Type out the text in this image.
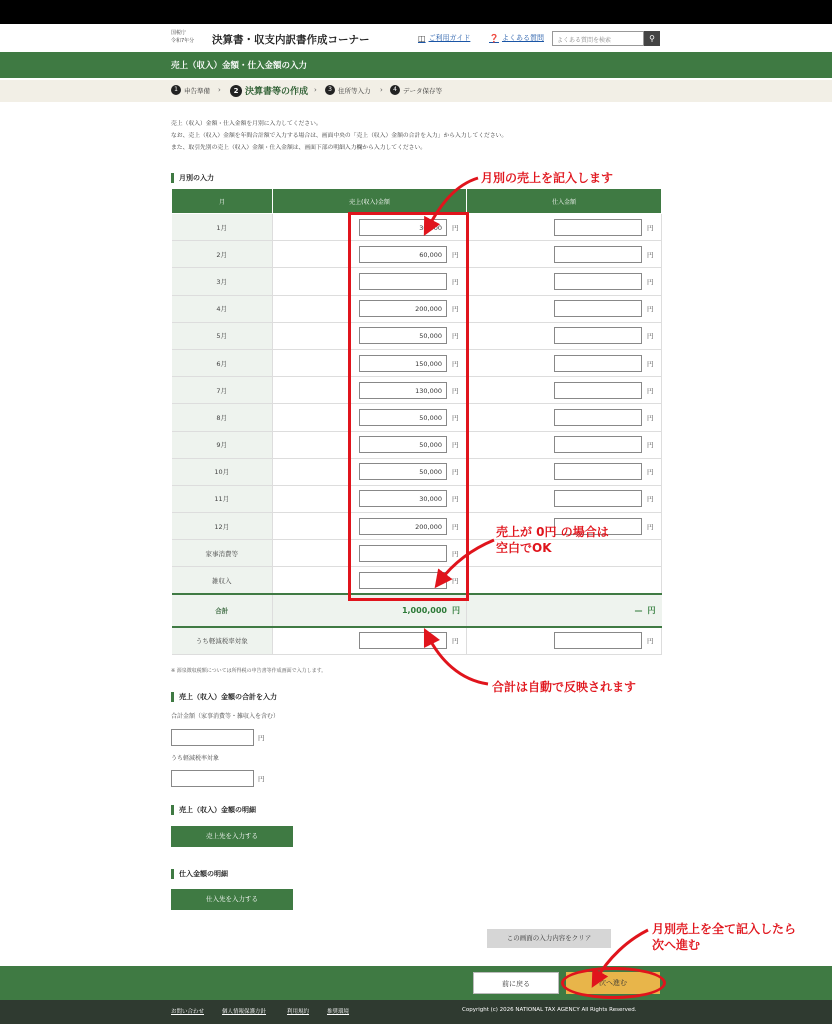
国税庁
令和7年分 決算書・収支内訳書作成コーナー	◫ ご利用ガイド ❓ よくある質問	よくある質問を検索	⚲
売上（収入）金額・仕入金額の入力
1 申告準備 ›	2 決算書等の作成 ›	3 住所等入力 ›	4 データ保存等
売上（収入）金額・仕入金額を月別に入力してください。
なお、売上（収入）金額を年間合計額で入力する場合は、画面中央の「売上（収入）金額の合計を入力」から入力してください。
また、取引先別の売上（収入）金額・仕入金額は、画面下部の明細入力欄から入力してください。
月別の入力
月	売上(収入)金額	仕入金額
1月	30,000 円	円

2月	60,000 円	円

3月	円	円

4月	200,000 円	円

5月	50,000 円	円

6月	150,000 円	円

7月	130,000 円	円

8月	50,000 円	円

9月	50,000 円	円

10月	50,000 円	円

11月	30,000 円	円

12月	200,000 円	円

家事消費等	円	

雑収入	円	

合計	1,000,000 円	— 円

うち軽減税率対象	円	円
※ 源泉徴収税額については所得税の申告書等作成画面で入力します。
売上（収入）金額の合計を入力
合計金額（家事消費等・雑収入を含む）
円
うち軽減税率対象
円
売上（収入）金額の明細
売上先を入力する
仕入金額の明細
仕入先を入力する
この画面の入力内容をクリア
前に戻る	次へ進む
お問い合わせ	個人情報保護方針	利用規約	推奨環境	Copyright (c) 2026 NATIONAL TAX AGENCY All Rights Reserved.
月別の売上を記入します
売上が 0円 の場合は
空白でOK
合計は自動で反映されます
月別売上を全て記入したら
次へ進む
